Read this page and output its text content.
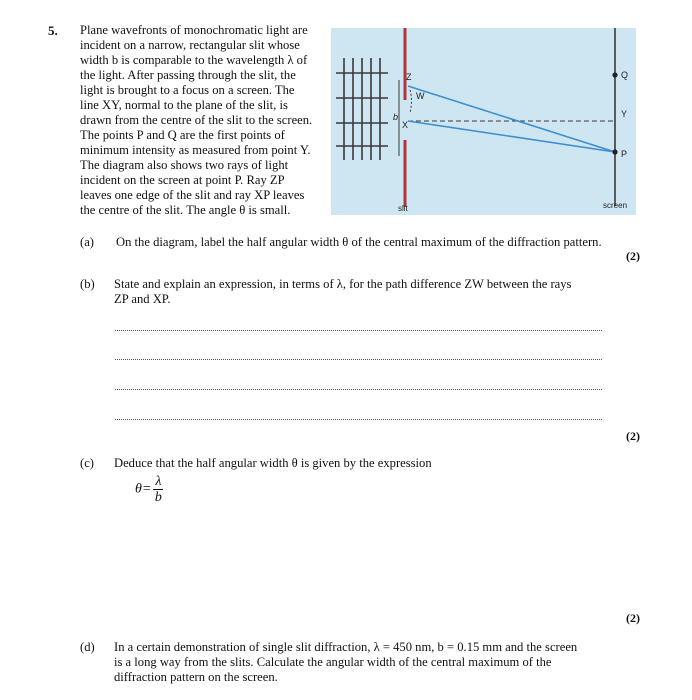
5. Plane wavefronts of monochromatic light are
incident on a narrow, rectangular slit whose
width b is comparable to the wavelength λ of
the light. After passing through the slit, the
light is brought to a focus on a screen. The
line XY, normal to the plane of the slit, is
drawn from the centre of the slit to the screen.
The points P and Q are the first points of
minimum intensity as measured from point Y.
The diagram also shows two rays of light
incident on the screen at point P. Ray ZP
leaves one edge of the slit and ray XP leaves
the centre of the slit. The angle θ is small.
Z
W
b
X
Q
Y
P
slit	screen
(a) On the diagram, label the half angular width θ of the central maximum of the diffraction pattern.
(2)
(b) State and explain an expression, in terms of λ, for the path difference ZW between the rays
ZP and XP.
(2)
(c) Deduce that the half angular width θ is given by the expression
$\theta= \frac{\lambda}{b}$
(2)
(d) In a certain demonstration of single slit diffraction, λ = 450 nm, b = 0.15 mm and the screen
is a long way from the slits. Calculate the angular width of the central maximum of the
diffraction pattern on the screen.
